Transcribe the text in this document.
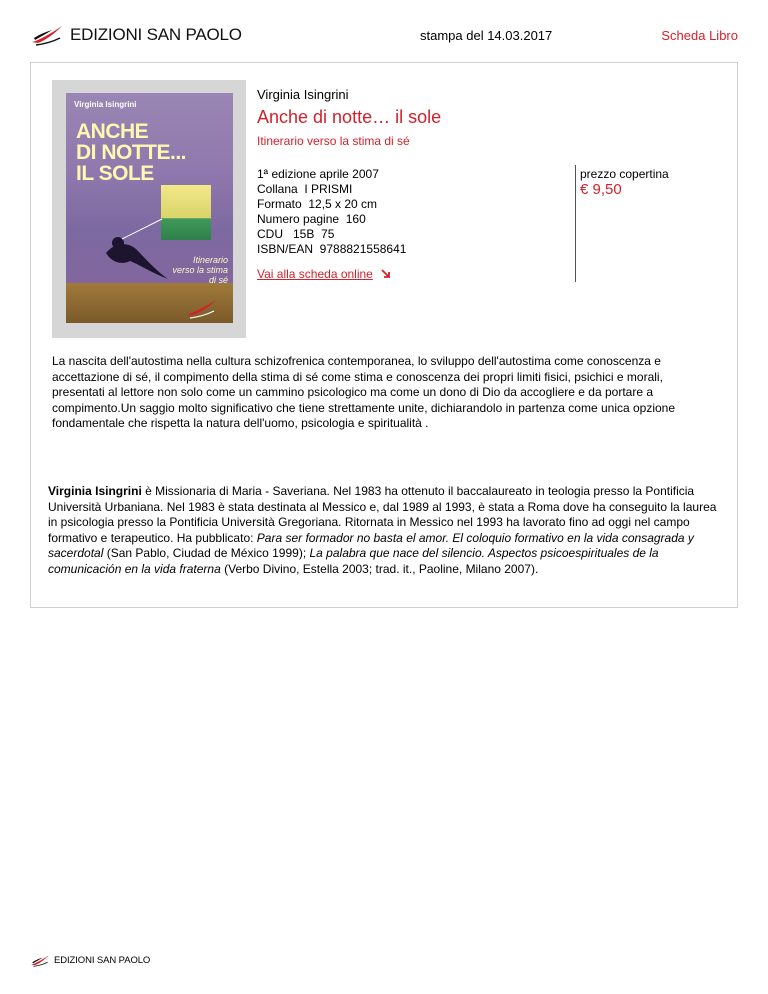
EDIZIONI SAN PAOLO	stampa del 14.03.2017	Scheda Libro
Virginia Isingrini
ANCHE
DI NOTTE...
IL SOLE
Itinerario
verso la stima
di sé
Virginia Isingrini
Anche di notte… il sole
Itinerario verso la stima di sé
1ª edizione aprile 2007
Collana  I PRISMI
Formato  12,5 x 20 cm
Numero pagine  160
CDU   15B  75
ISBN/EAN  9788821558641
prezzo copertina
€ 9,50
Vai alla scheda online
La nascita dell'autostima nella cultura schizofrenica contemporanea, lo sviluppo dell'autostima come conoscenza e accettazione di sé, il compimento della stima di sé come stima e conoscenza dei propri limiti fisici, psichici e morali, presentati al lettore non solo come un cammino psicologico ma come un dono di Dio da accogliere e da portare a compimento.Un saggio molto significativo che tiene strettamente unite, dichiarandolo in partenza come unica opzione fondamentale che rispetta la natura dell'uomo, psicologia e spiritualità .
Virginia Isingrini è Missionaria di Maria - Saveriana. Nel 1983 ha ottenuto il baccalaureato in teologia presso la Pontificia Università Urbaniana. Nel 1983 è stata destinata al Messico e, dal 1989 al 1993, è stata a Roma dove ha conseguito la laurea in psicologia presso la Pontificia Università Gregoriana. Ritornata in Messico nel 1993 ha lavorato fino ad oggi nel campo formativo e terapeutico. Ha pubblicato: Para ser formador no basta el amor. El coloquio formativo en la vida consagrada y sacerdotal (San Pablo, Ciudad de México 1999); La palabra que nace del silencio. Aspectos psicoespirituales de la comunicación en la vida fraterna (Verbo Divino, Estella 2003; trad. it., Paoline, Milano 2007).
EDIZIONI SAN PAOLO
